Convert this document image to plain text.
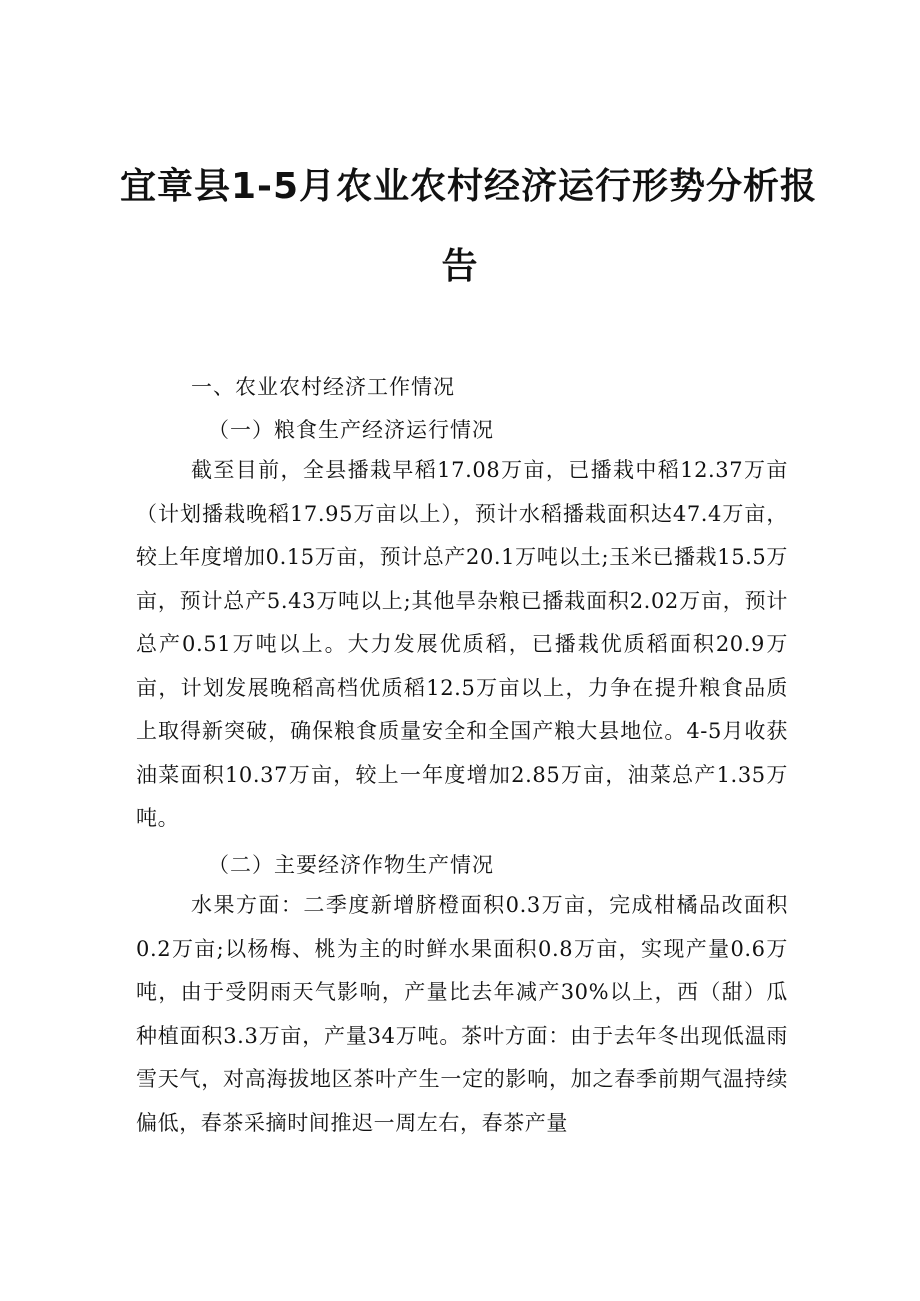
宜章县1-5月农业农村经济运行形势分析报
告

一、农业农村经济工作情况

（一）粮食生产经济运行情况

截至目前，全县播栽早稻17.08万亩，已播栽中稻12.37万亩（计划播栽晚稻17.95万亩以上），预计水稻播栽面积达47.4万亩，较上年度增加0.15万亩，预计总产20.1万吨以土;玉米已播栽15.5万亩，预计总产5.43万吨以上;其他旱杂粮已播栽面积2.02万亩，预计总产0.51万吨以上。大力发展优质稻，已播栽优质稻面积20.9万亩，计划发展晚稻高档优质稻12.5万亩以上，力争在提升粮食品质上取得新突破，确保粮食质量安全和全国产粮大县地位。4-5月收获油菜面积10.37万亩，较上一年度增加2.85万亩，油菜总产1.35万吨。

（二）主要经济作物生产情况

水果方面：二季度新增脐橙面积0.3万亩，完成柑橘品改面积0.2万亩;以杨梅、桃为主的时鲜水果面积0.8万亩，实现产量0.6万吨，由于受阴雨天气影响，产量比去年减产30%以上，西（甜）瓜种植面积3.3万亩，产量34万吨。茶叶方面：由于去年冬出现低温雨雪天气，对高海拔地区茶叶产生一定的影响，加之春季前期气温持续偏低，春茶采摘时间推迟一周左右，春茶产量
